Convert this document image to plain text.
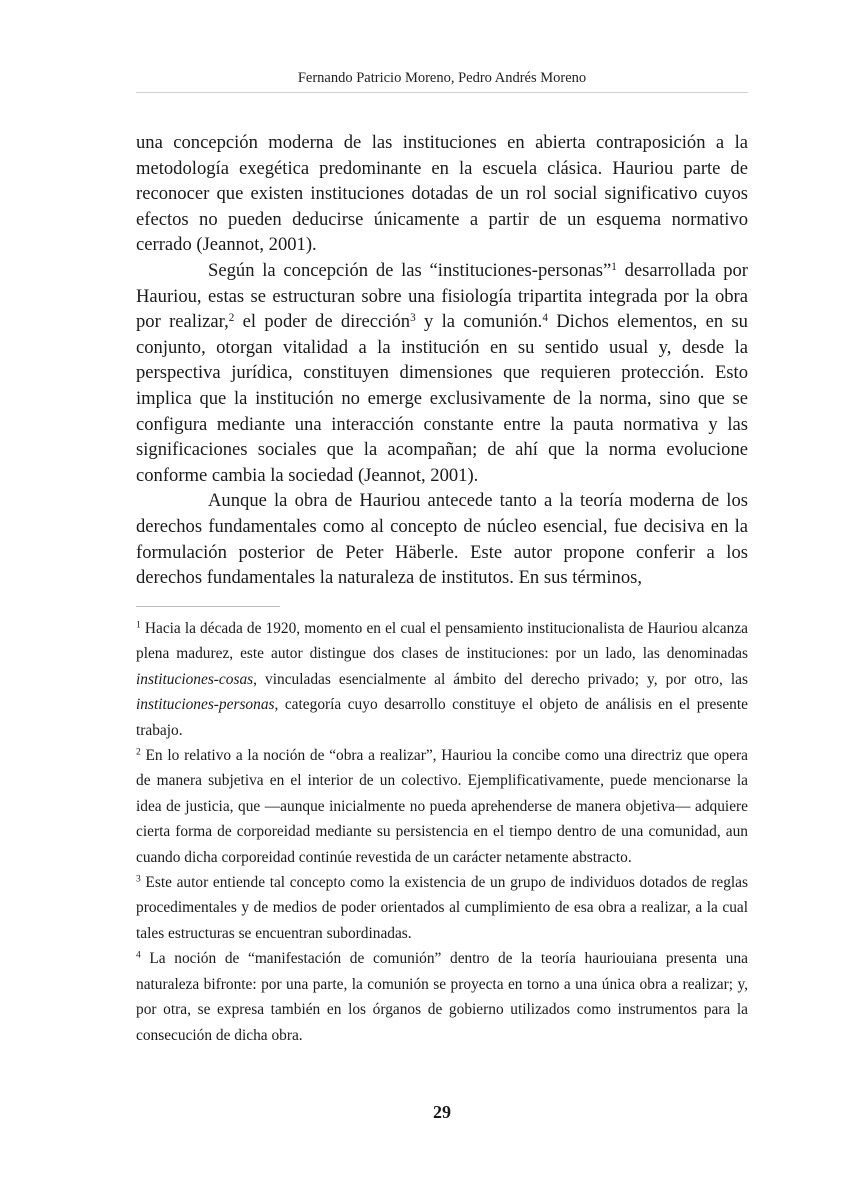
Fernando Patricio Moreno, Pedro Andrés Moreno

una concepción moderna de las instituciones en abierta contraposición a la metodología exegética predominante en la escuela clásica. Hauriou parte de reconocer que existen instituciones dotadas de un rol social significativo cuyos efectos no pueden deducirse únicamente a partir de un esquema normativo cerrado (Jeannot, 2001).

Según la concepción de las “instituciones-personas”$^1$ desarrollada por Hauriou, estas se estructuran sobre una fisiología tripartita integrada por la obra por realizar,$^2$ el poder de dirección$^3$ y la comunión.$^4$ Dichos elementos, en su conjunto, otorgan vitalidad a la institución en su sentido usual y, desde la perspectiva jurídica, constituyen dimensiones que requieren protección. Esto implica que la institución no emerge exclusivamente de la norma, sino que se configura mediante una interacción constante entre la pauta normativa y las significaciones sociales que la acompañan; de ahí que la norma evolucione conforme cambia la sociedad (Jeannot, 2001).

Aunque la obra de Hauriou antecede tanto a la teoría moderna de los derechos fundamentales como al concepto de núcleo esencial, fue decisiva en la formulación posterior de Peter Häberle. Este autor propone conferir a los derechos fundamentales la naturaleza de institutos. En sus términos,

$^1$ Hacia la década de 1920, momento en el cual el pensamiento institucionalista de Hauriou alcanza plena madurez, este autor distingue dos clases de instituciones: por un lado, las denominadas instituciones-cosas, vinculadas esencialmente al ámbito del derecho privado; y, por otro, las instituciones-personas, categoría cuyo desarrollo constituye el objeto de análisis en el presente trabajo.

$^2$ En lo relativo a la noción de “obra a realizar”, Hauriou la concibe como una directriz que opera de manera subjetiva en el interior de un colectivo. Ejemplificativamente, puede mencionarse la idea de justicia, que —aunque inicialmente no pueda aprehenderse de manera objetiva— adquiere cierta forma de corporeidad mediante su persistencia en el tiempo dentro de una comunidad, aun cuando dicha corporeidad continúe revestida de un carácter netamente abstracto.

$^3$ Este autor entiende tal concepto como la existencia de un grupo de individuos dotados de reglas procedimentales y de medios de poder orientados al cumplimiento de esa obra a realizar, a la cual tales estructuras se encuentran subordinadas.

$^4$ La noción de “manifestación de comunión” dentro de la teoría hauriouiana presenta una naturaleza bifronte: por una parte, la comunión se proyecta en torno a una única obra a realizar; y, por otra, se expresa también en los órganos de gobierno utilizados como instrumentos para la consecución de dicha obra.

29
